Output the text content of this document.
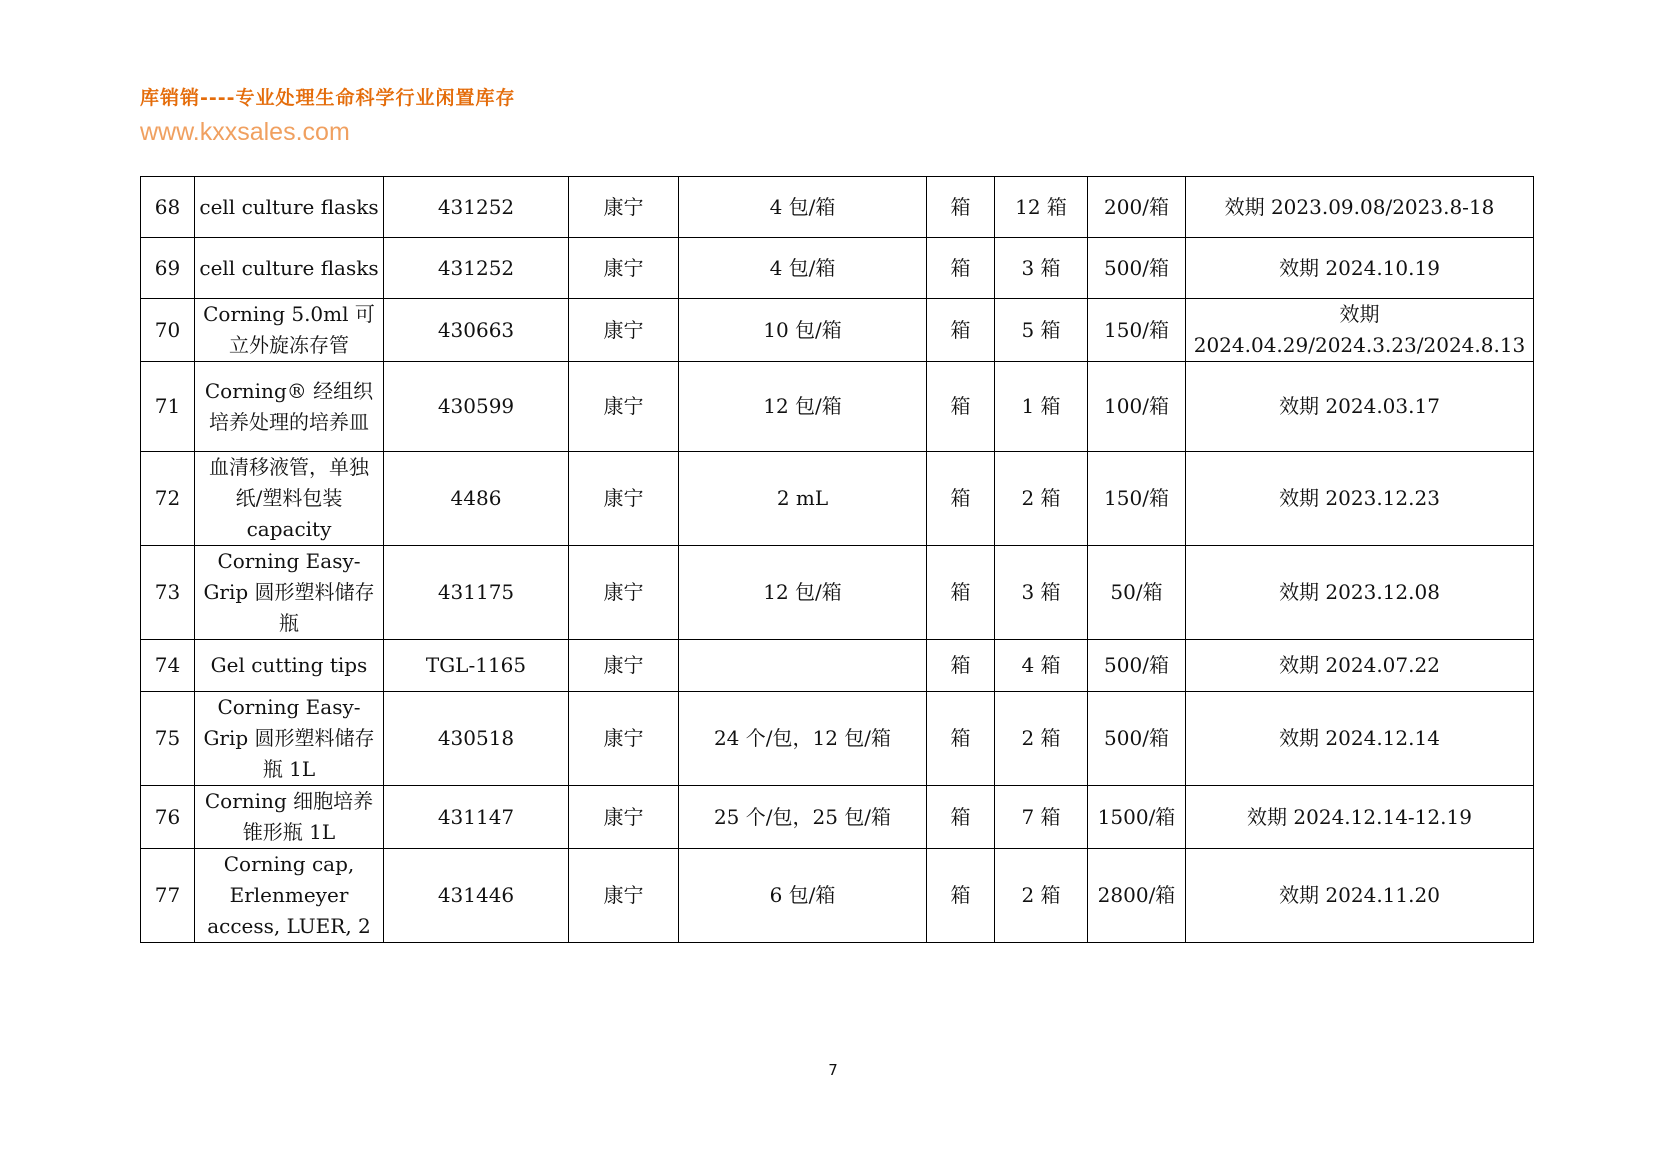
库销销----专业处理生命科学行业闲置库存
www.kxxsales.com
68	cell culture flasks	431252	康宁	4 包/箱	箱	12 箱	200/箱	效期 2023.09.08/2023.8-18
69	cell culture flasks	431252	康宁	4 包/箱	箱	3 箱	500/箱	效期 2024.10.19
70	Corning 5.0ml 可立外旋冻存管	430663	康宁	10 包/箱	箱	5 箱	150/箱	效期 2024.04.29/2024.3.23/2024.8.13
71	Corning® 经组织培养处理的培养皿	430599	康宁	12 包/箱	箱	1 箱	100/箱	效期 2024.03.17
72	血清移液管，单独纸/塑料包装 capacity	4486	康宁	2 mL	箱	2 箱	150/箱	效期 2023.12.23
73	Corning Easy-Grip 圆形塑料储存瓶	431175	康宁	12 包/箱	箱	3 箱	50/箱	效期 2023.12.08
74	Gel cutting tips	TGL-1165	康宁		箱	4 箱	500/箱	效期 2024.07.22
75	Corning Easy-Grip 圆形塑料储存瓶 1L	430518	康宁	24 个/包，12 包/箱	箱	2 箱	500/箱	效期 2024.12.14
76	Corning 细胞培养锥形瓶 1L	431147	康宁	25 个/包，25 包/箱	箱	7 箱	1500/箱	效期 2024.12.14-12.19
77	Corning cap, Erlenmeyer access, LUER, 2	431446	康宁	6 包/箱	箱	2 箱	2800/箱	效期 2024.11.20
7
